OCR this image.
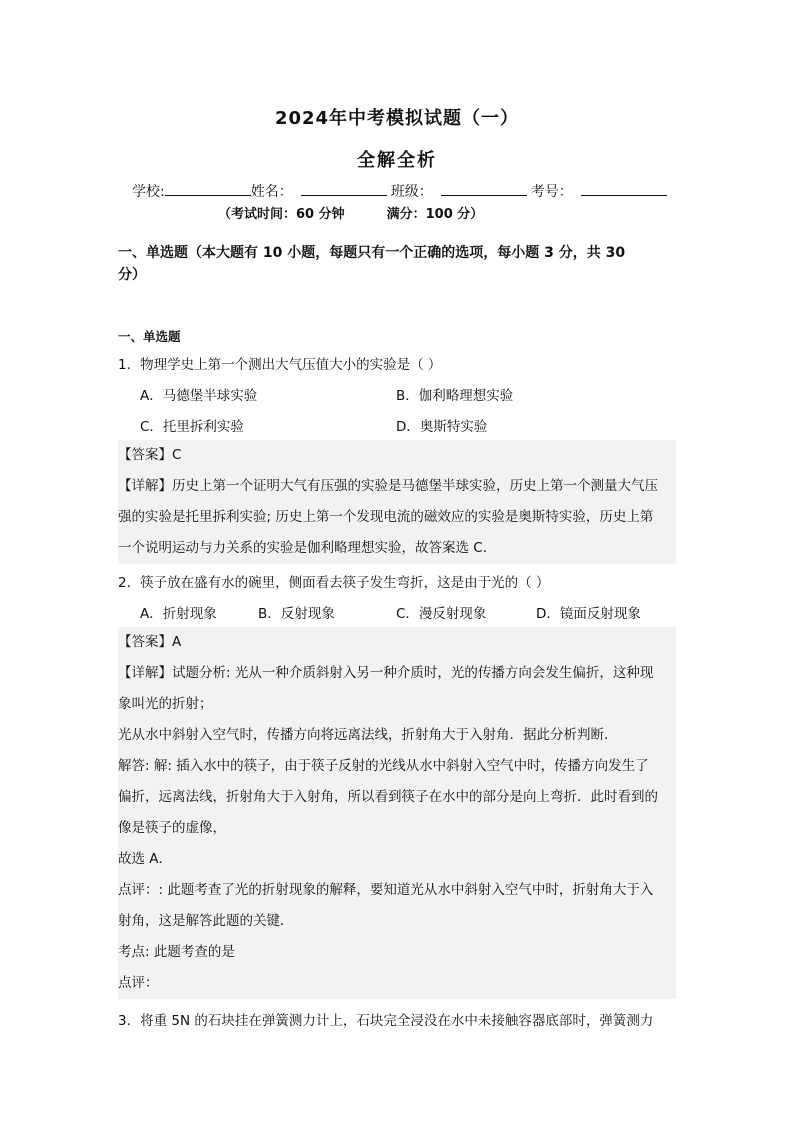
2024年中考模拟试题（一）
全解全析
学校:	姓名：	班级：	考号：
（考试时间：60 分钟	满分：100 分）
一、单选题（本大题有 10 小题，每题只有一个正确的选项，每小题 3 分，共 30
分）
一、单选题
1．物理学史上第一个测出大气压值大小的实验是（ ）
A．马德堡半球实验	B．伽利略理想实验
C．托里拆利实验	D．奥斯特实验
【答案】C
【详解】历史上第一个证明大气有压强的实验是马德堡半球实验，历史上第一个测量大气压
强的实验是托里拆利实验; 历史上第一个发现电流的磁效应的实验是奥斯特实验，历史上第
一个说明运动与力关系的实验是伽利略理想实验，故答案选 C.
2．筷子放在盛有水的碗里，侧面看去筷子发生弯折，这是由于光的（ ）
A．折射现象	B．反射现象	C．漫反射现象	D．镜面反射现象
【答案】A
【详解】试题分析: 光从一种介质斜射入另一种介质时，光的传播方向会发生偏折，这种现
象叫光的折射；
光从水中斜射入空气时，传播方向将远离法线，折射角大于入射角．据此分析判断．
解答: 解: 插入水中的筷子，由于筷子反射的光线从水中斜射入空气中时，传播方向发生了
偏折，远离法线，折射角大于入射角，所以看到筷子在水中的部分是向上弯折．此时看到的
像是筷子的虚像，
故选 A．
点评：: 此题考查了光的折射现象的解释，要知道光从水中斜射入空气中时，折射角大于入
射角，这是解答此题的关键．
考点: 此题考查的是
点评：
3．将重 5N 的石块挂在弹簧测力计上，石块完全浸没在水中未接触容器底部时，弹簧测力
